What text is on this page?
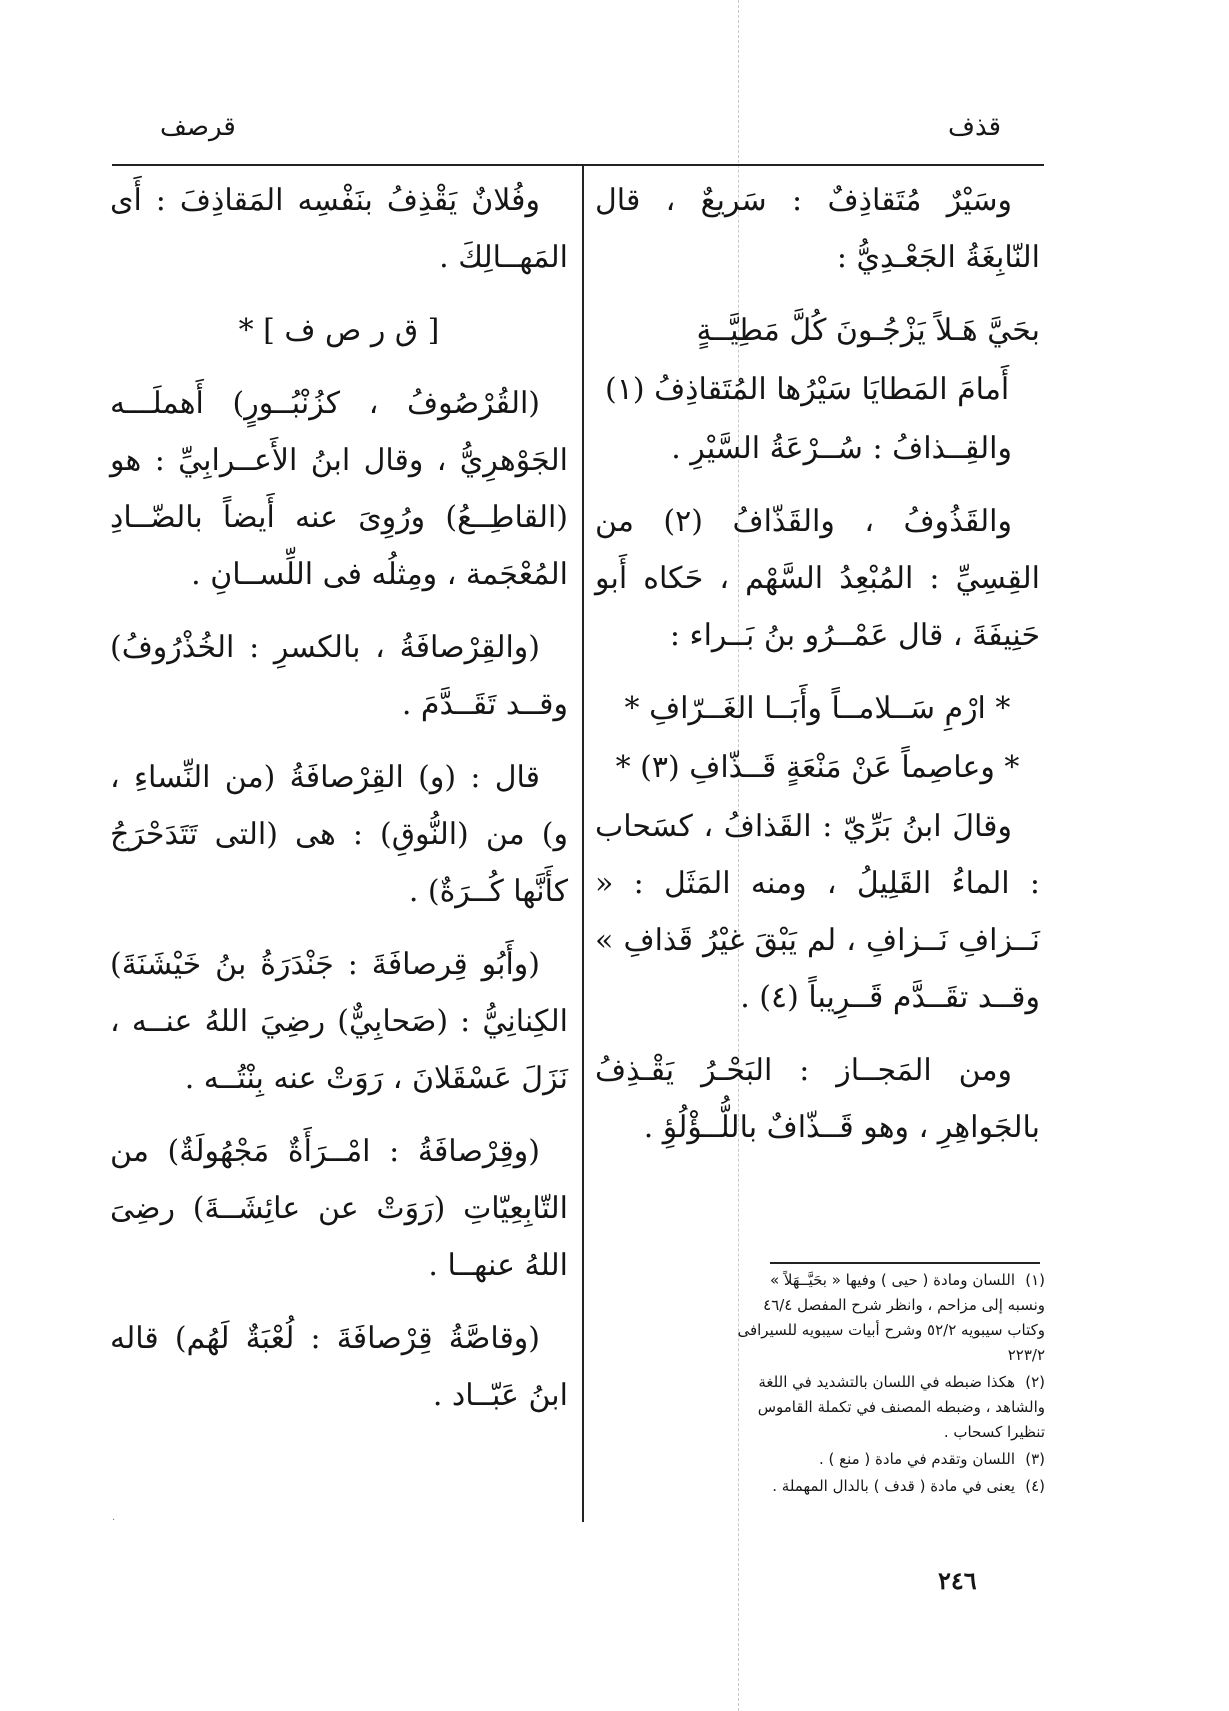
قذف
قرصف

وسَيْرٌ مُتَقاذِفٌ : سَريعٌ ، قال النّابِغَةُ الجَعْـدِيُّ :

بحَيَّ هَـلاً يَزْجُـونَ كُلَّ مَطِيَّــةٍ

أَمامَ المَطايَا سَيْرُها المُتَقاذِفُ (١)

والقِــذافُ : سُــرْعَةُ السَّيْرِ .

والقَذُوفُ ، والقَذّافُ (٢) من القِسِيِّ : المُبْعِدُ السَّهْم ، حَكاه أَبو حَنِيفَةَ ، قال عَمْــرُو بنُ بَــراء :

* ارْمِ سَــلامــاً وأَبَــا الغَــرّافِ *

* وعاصِماً عَنْ مَنْعَةٍ قَــذّافِ (٣) *

وقالَ ابنُ بَرِّيّ : القَذافُ ، كسَحاب : الماءُ القَلِيلُ ، ومنه المَثَل : « نَــزافِ نَــزافِ ، لم يَبْقَ غيْرُ قَذافِ » وقــد تقَــدَّم قَــرِيباً (٤) .

ومن المَجــاز : البَحْـرُ يَقْـذِفُ بالجَواهِرِ ، وهو قَــذّافٌ باللُّــؤْلُؤِ .

وفُلانٌ يَقْذِفُ بنَفْسِه المَقاذِفَ : أَى المَهــالِكَ .

[ ق ر ص ف ] *

(القُرْصُوفُ ، كزُنْبُــورٍ) أَهملَـــه الجَوْهرِيُّ ، وقال ابنُ الأَعــرابِيِّ : هو (القاطِــعُ) ورُوِىَ عنه أَيضاً بالضّــادِ المُعْجَمة ، ومِثلُه فى اللِّســانِ .

(والقِرْصافَةُ ، بالكسرِ : الخُذْرُوفُ) وقــد تَقَــدَّمَ .

قال : (و) القِرْصافَةُ (من النِّساءِ ، و) من (النُّوقِ) : هى (التى تَتَدَحْرَجُ كأَنَّها كُــرَةٌ) .

(وأَبُو قِرصافَةَ : جَنْدَرَةُ بنُ خَيْشَنَةَ) الكِنانِيُّ : (صَحابِيٌّ) رضِيَ اللهُ عنــه ، نَزَلَ عَسْقَلانَ ، رَوَتْ عنه بِنْتُــه .

(وقِرْصافَةُ : امْــرَأَةٌ مَجْهُولَةٌ) من التّابِعِيّاتِ (رَوَتْ عن عائِشَــةَ) رضِىَ اللهُ عنهــا .

(وقاصَّةُ قِرْصافَةَ : لُعْبَةٌ لَهُم) قاله ابنُ عَبّــاد .

(١)اللسان ومادة ( حيى ) وفيها « بحَيَّــهَلاً » ونسبه إلى مزاحم ، وانظر شرح المفصل ٤٦/٤ وكتاب سيبويه ٥٢/٢ وشرح أبيات سيبويه للسيرافى ٢٢٣/٢

(٢)هكذا ضبطه في اللسان بالتشديد في اللغة والشاهد ، وضبطه المصنف في تكملة القاموس تنظيرا كسحاب .

(٣)اللسان وتقدم في مادة ( منع ) .

(٤)يعنى في مادة ( قدف ) بالدال المهملة .

٢٤٦
·
